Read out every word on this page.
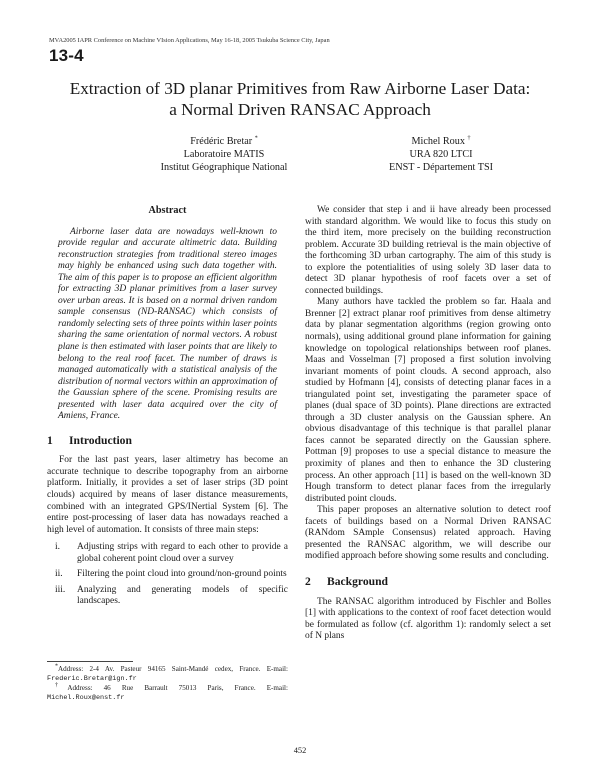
MVA2005 IAPR Conference on Machine VIsion Applications, May 16-18, 2005 Tsukuba Science City, Japan
13-4
Extraction of 3D planar Primitives from Raw Airborne Laser Data:
a Normal Driven RANSAC Approach
Frédéric Bretar *
Laboratoire MATIS
Institut Géographique National
Michel Roux †
URA 820 LTCI
ENST - Département TSI
Abstract

Airborne laser data are nowadays well-known to provide regular and accurate altimetric data. Building reconstruction strategies from traditional stereo images may highly be enhanced using such data together with. The aim of this paper is to propose an efficient algorithm for extracting 3D planar primitives from a laser survey over urban areas. It is based on a normal driven random sample consensus (ND-RANSAC) which consists of randomly selecting sets of three points within laser points sharing the same orientation of normal vectors. A robust plane is then estimated with laser points that are likely to belong to the real roof facet. The number of draws is managed automatically with a statistical analysis of the distribution of normal vectors within an approximation of the Gaussian sphere of the scene. Promising results are presented with laser data acquired over the city of Amiens, France.

1 Introduction

For the last past years, laser altimetry has become an accurate technique to describe topography from an airborne platform. Initially, it provides a set of laser strips (3D point clouds) acquired by means of laser distance measurements, combined with an integrated GPS/INertial System [6]. The entire post-processing of laser data has nowadays reached a high level of automation. It consists of three main steps:

i.	Adjusting strips with regard to each other to provide a global coherent point cloud over a survey
ii.	Filtering the point cloud into ground/non-ground points
iii.	Analyzing and generating models of specific landscapes.

We consider that step i and ii have already been processed with standard algorithm. We would like to focus this study on the third item, more precisely on the building reconstruction problem. Accurate 3D building retrieval is the main objective of the forthcoming 3D urban cartography. The aim of this study is to explore the potentialities of using solely 3D laser data to detect 3D planar hypothesis of roof facets over a set of connected buildings.

Many authors have tackled the problem so far. Haala and Brenner [2] extract planar roof primitives from dense altimetry data by planar segmentation algorithms (region growing onto normals), using additional ground plane information for gaining knowledge on topological relationships between roof planes. Maas and Vosselman [7] proposed a first solution involving invariant moments of point clouds. A second approach, also studied by Hofmann [4], consists of detecting planar faces in a triangulated point set, investigating the parameter space of planes (dual space of 3D points). Plane directions are extracted through a 3D cluster analysis on the Gaussian sphere. An obvious disadvantage of this technique is that parallel planar faces cannot be separated directly on the Gaussian sphere. Pottman [9] proposes to use a special distance to measure the proximity of planes and then to enhance the 3D clustering process. An other approach [11] is based on the well-known 3D Hough transform to detect planar faces from the irregularly distributed point clouds.

This paper proposes an alternative solution to detect roof facets of buildings based on a Normal Driven RANSAC (RANdom SAmple Consensus) related approach. Having presented the RANSAC algorithm, we will describe our modified approach before showing some results and concluding.

2 Background

The RANSAC algorithm introduced by Fischler and Bolles [1] with applications to the context of roof facet detection would be formulated as follow (cf. algorithm 1): randomly select a set of N plans

*Address: 2-4 Av. Pasteur 94165 Saint-Mandé cedex, France. E-mail: Frederic.Bretar@ign.fr

†Address: 46 Rue Barrault 75013 Paris, France. E-mail: Michel.Roux@enst.fr

452
